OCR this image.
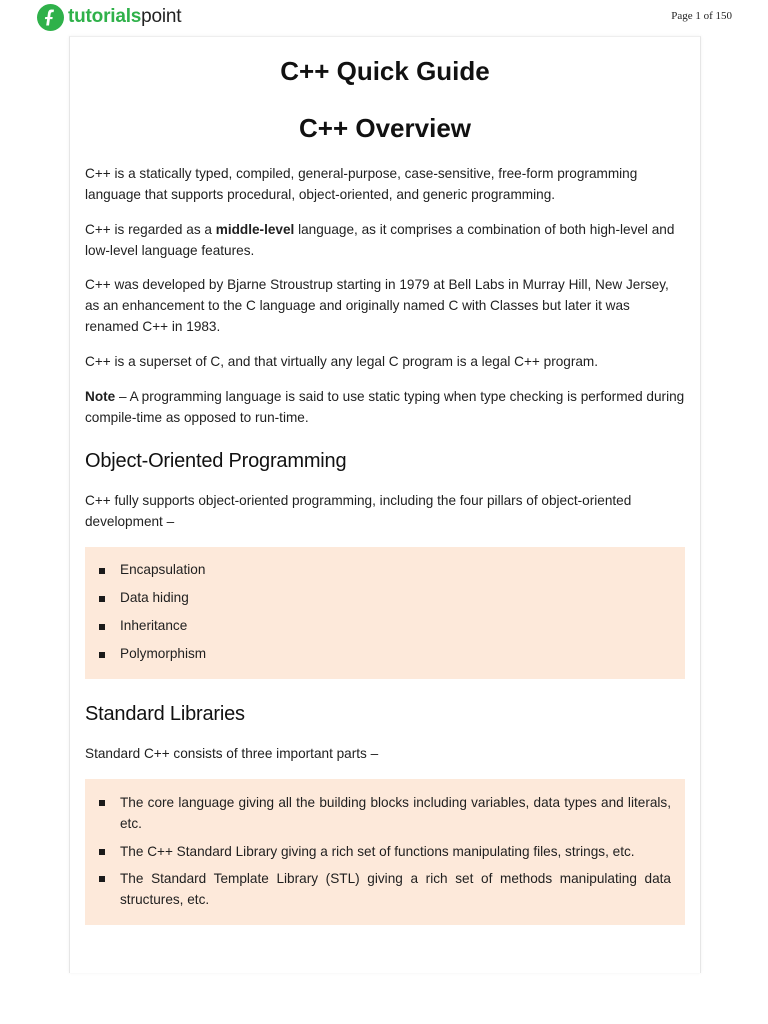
tutorialspoint	Page 1 of 150
C++ Quick Guide
C++ Overview

C++ is a statically typed, compiled, general-purpose, case-sensitive, free-form programming language that supports procedural, object-oriented, and generic programming.

C++ is regarded as a middle-level language, as it comprises a combination of both high-level and low-level language features.

C++ was developed by Bjarne Stroustrup starting in 1979 at Bell Labs in Murray Hill, New Jersey, as an enhancement to the C language and originally named C with Classes but later it was renamed C++ in 1983.

C++ is a superset of C, and that virtually any legal C program is a legal C++ program.

Note – A programming language is said to use static typing when type checking is performed during compile-time as opposed to run-time.

Object-Oriented Programming

C++ fully supports object-oriented programming, including the four pillars of object-oriented development –

Encapsulation
Data hiding
Inheritance
Polymorphism
Standard Libraries

Standard C++ consists of three important parts –

The core language giving all the building blocks including variables, data types and literals, etc.
The C++ Standard Library giving a rich set of functions manipulating files, strings, etc.
The Standard Template Library (STL) giving a rich set of methods manipulating data structures, etc.
